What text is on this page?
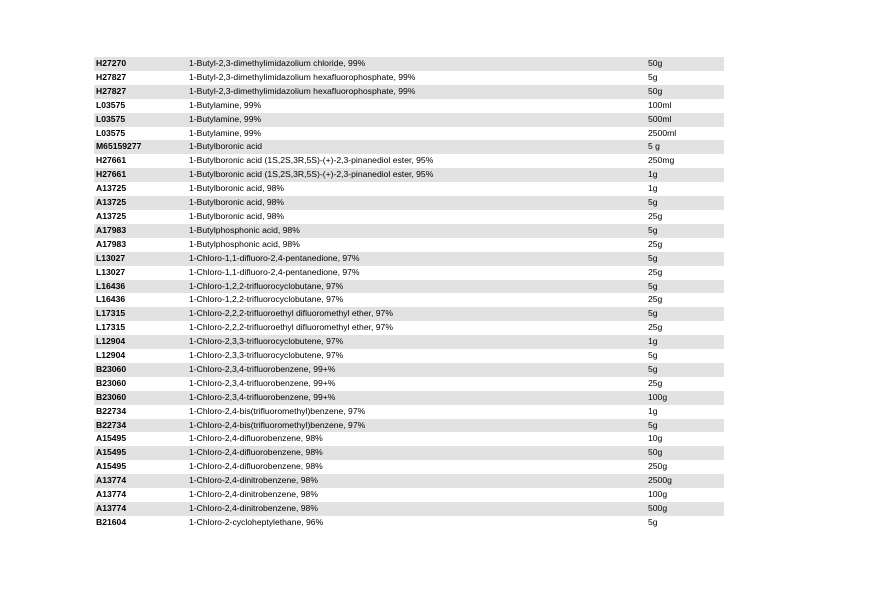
H27270	1-Butyl-2,3-dimethylimidazolium chloride, 99%	50g
H27827	1-Butyl-2,3-dimethylimidazolium hexafluorophosphate, 99%	5g
H27827	1-Butyl-2,3-dimethylimidazolium hexafluorophosphate, 99%	50g
L03575	1-Butylamine, 99%	100ml
L03575	1-Butylamine, 99%	500ml
L03575	1-Butylamine, 99%	2500ml
M65159277	1-Butylboronic acid	5 g
H27661	1-Butylboronic acid (1S,2S,3R,5S)-(+)-2,3-pinanediol ester, 95%	250mg
H27661	1-Butylboronic acid (1S,2S,3R,5S)-(+)-2,3-pinanediol ester, 95%	1g
A13725	1-Butylboronic acid, 98%	1g
A13725	1-Butylboronic acid, 98%	5g
A13725	1-Butylboronic acid, 98%	25g
A17983	1-Butylphosphonic acid, 98%	5g
A17983	1-Butylphosphonic acid, 98%	25g
L13027	1-Chloro-1,1-difluoro-2,4-pentanedione, 97%	5g
L13027	1-Chloro-1,1-difluoro-2,4-pentanedione, 97%	25g
L16436	1-Chloro-1,2,2-trifluorocyclobutane, 97%	5g
L16436	1-Chloro-1,2,2-trifluorocyclobutane, 97%	25g
L17315	1-Chloro-2,2,2-trifluoroethyl difluoromethyl ether, 97%	5g
L17315	1-Chloro-2,2,2-trifluoroethyl difluoromethyl ether, 97%	25g
L12904	1-Chloro-2,3,3-trifluorocyclobutene, 97%	1g
L12904	1-Chloro-2,3,3-trifluorocyclobutene, 97%	5g
B23060	1-Chloro-2,3,4-trifluorobenzene, 99+%	5g
B23060	1-Chloro-2,3,4-trifluorobenzene, 99+%	25g
B23060	1-Chloro-2,3,4-trifluorobenzene, 99+%	100g
B22734	1-Chloro-2,4-bis(trifluoromethyl)benzene, 97%	1g
B22734	1-Chloro-2,4-bis(trifluoromethyl)benzene, 97%	5g
A15495	1-Chloro-2,4-difluorobenzene, 98%	10g
A15495	1-Chloro-2,4-difluorobenzene, 98%	50g
A15495	1-Chloro-2,4-difluorobenzene, 98%	250g
A13774	1-Chloro-2,4-dinitrobenzene, 98%	2500g
A13774	1-Chloro-2,4-dinitrobenzene, 98%	100g
A13774	1-Chloro-2,4-dinitrobenzene, 98%	500g
B21604	1-Chloro-2-cycloheptylethane, 96%	5g
